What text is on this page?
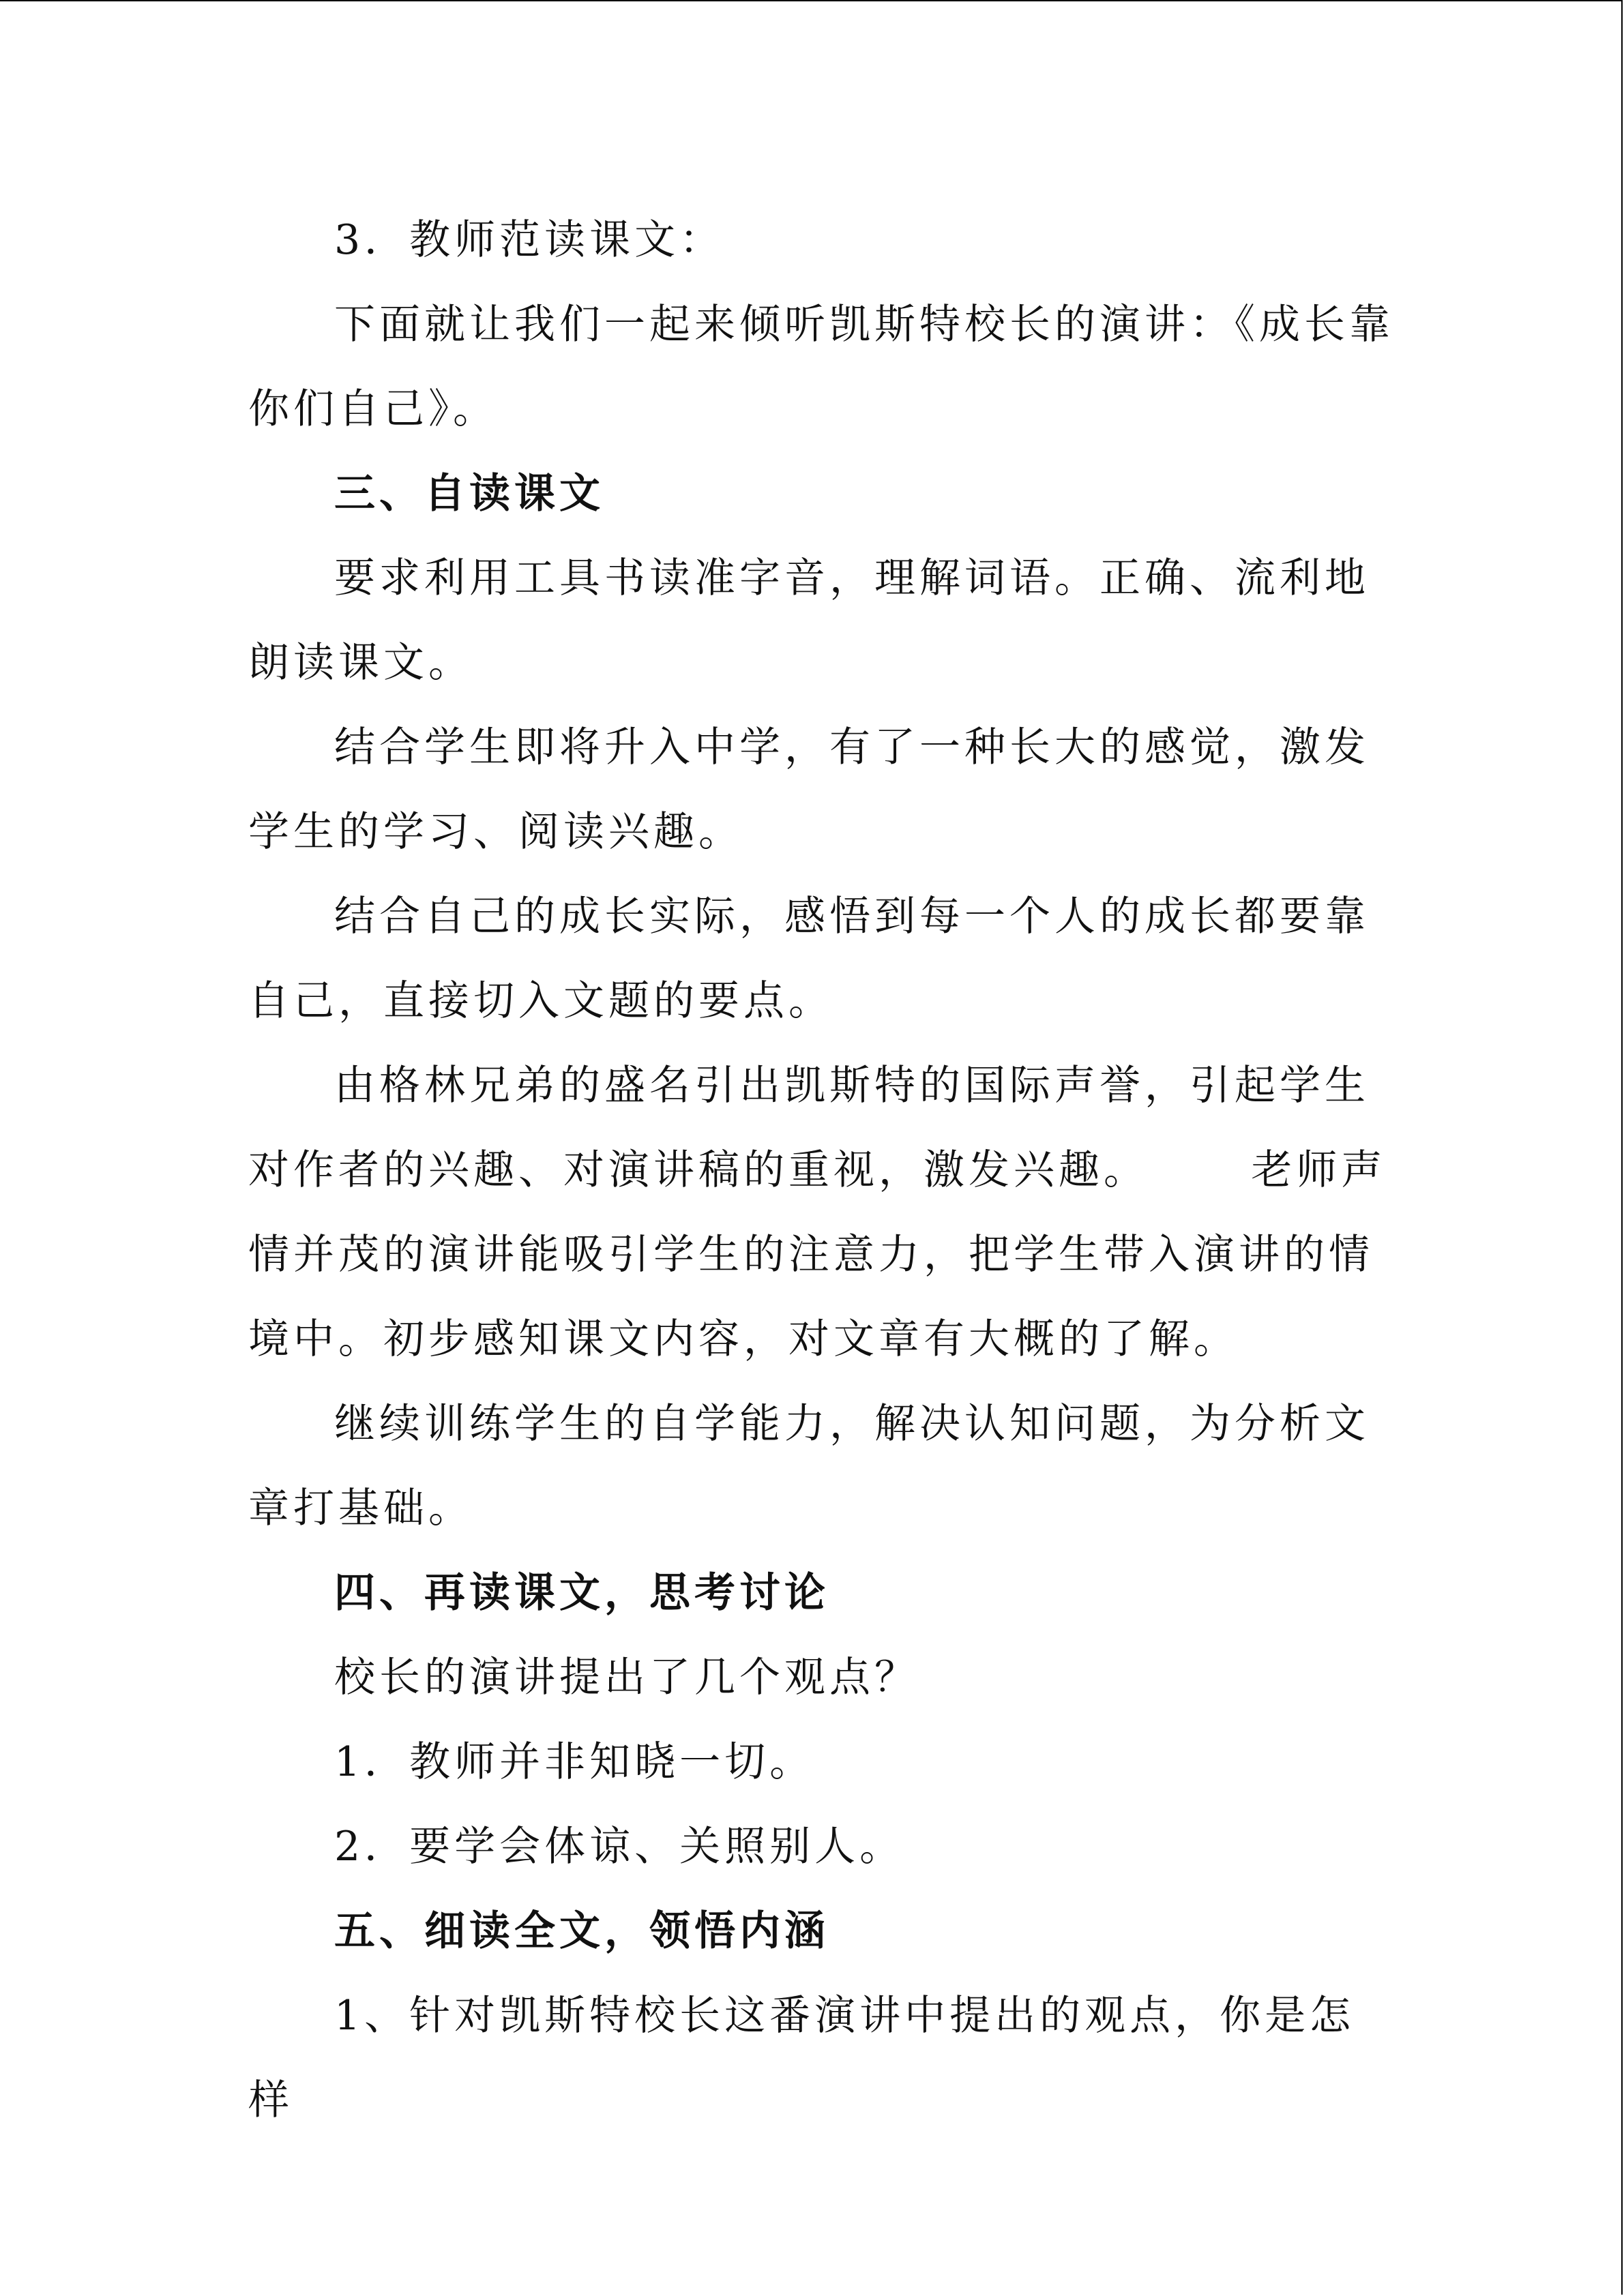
3．教师范读课文：

下面就让我们一起来倾听凯斯特校长的演讲：《成长靠你们自己》。

三、自读课文

要求利用工具书读准字音，理解词语。正确、流利地朗读课文。

结合学生即将升入中学，有了一种长大的感觉，激发学生的学习、阅读兴趣。

结合自己的成长实际，感悟到每一个人的成长都要靠自己，直接切入文题的要点。

由格林兄弟的盛名引出凯斯特的国际声誉，引起学生对作者的兴趣、对演讲稿的重视，激发兴趣。      老师声情并茂的演讲能吸引学生的注意力，把学生带入演讲的情境中。初步感知课文内容，对文章有大概的了解。

继续训练学生的自学能力，解决认知问题，为分析文章打基础。

四、再读课文，思考讨论

校长的演讲提出了几个观点？

1．教师并非知晓一切。

2．要学会体谅、关照别人。

五、细读全文，领悟内涵

1、针对凯斯特校长这番演讲中提出的观点，你是怎样
